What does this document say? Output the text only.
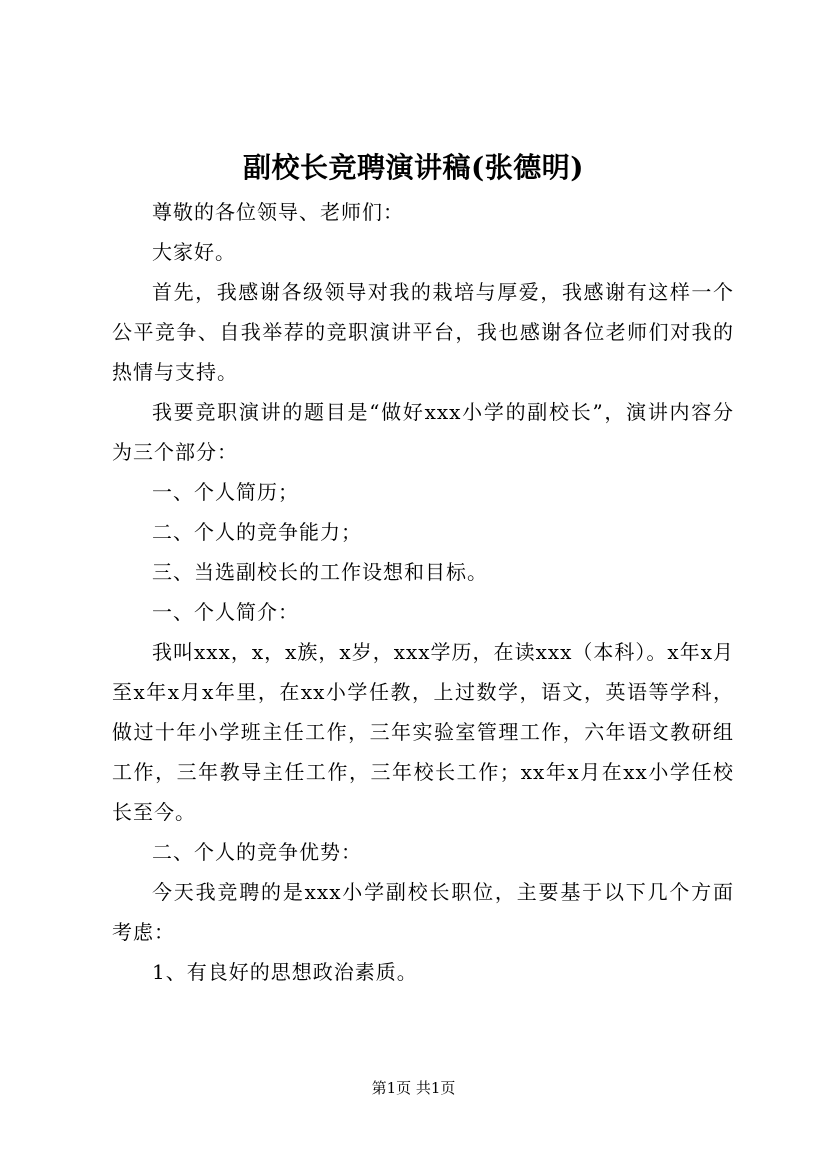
副校长竞聘演讲稿(张德明)

尊敬的各位领导、老师们：

大家好。

首先，我感谢各级领导对我的栽培与厚爱，我感谢有这样一个公平竞争、自我举荐的竞职演讲平台，我也感谢各位老师们对我的热情与支持。

我要竞职演讲的题目是“做好xxx小学的副校长”，演讲内容分为三个部分：

一、个人简历；

二、个人的竞争能力；

三、当选副校长的工作设想和目标。

一、个人简介：

我叫xxx，x，x族，x岁，xxx学历，在读xxx（本科）。x年x月至x年x月x年里，在xx小学任教，上过数学，语文，英语等学科，做过十年小学班主任工作，三年实验室管理工作，六年语文教研组工作，三年教导主任工作，三年校长工作；xx年x月在xx小学任校长至今。

二、个人的竞争优势：

今天我竞聘的是xxx小学副校长职位，主要基于以下几个方面考虑：

1、有良好的思想政治素质。

第1页 共1页
